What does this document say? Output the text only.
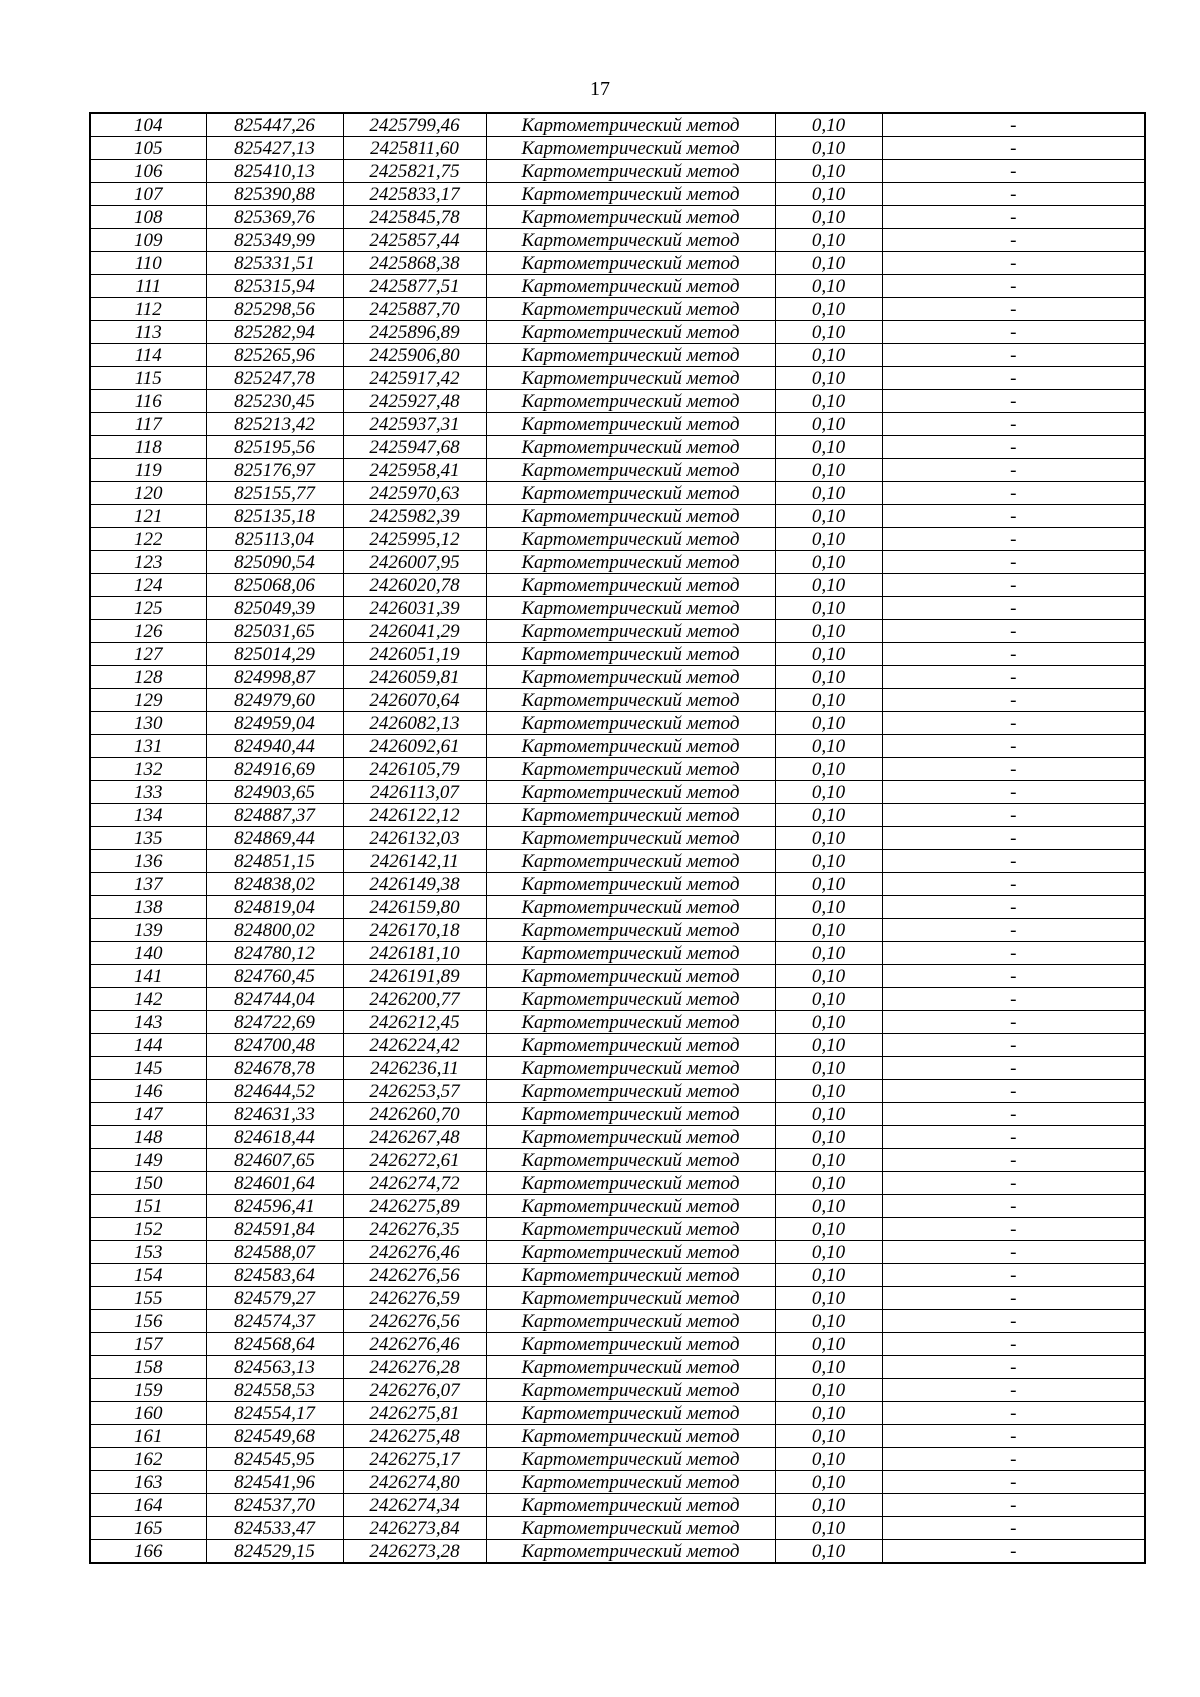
17
104	825447,26	2425799,46	Картометрический метод	0,10	-
105	825427,13	2425811,60	Картометрический метод	0,10	-
106	825410,13	2425821,75	Картометрический метод	0,10	-
107	825390,88	2425833,17	Картометрический метод	0,10	-
108	825369,76	2425845,78	Картометрический метод	0,10	-
109	825349,99	2425857,44	Картометрический метод	0,10	-
110	825331,51	2425868,38	Картометрический метод	0,10	-
111	825315,94	2425877,51	Картометрический метод	0,10	-
112	825298,56	2425887,70	Картометрический метод	0,10	-
113	825282,94	2425896,89	Картометрический метод	0,10	-
114	825265,96	2425906,80	Картометрический метод	0,10	-
115	825247,78	2425917,42	Картометрический метод	0,10	-
116	825230,45	2425927,48	Картометрический метод	0,10	-
117	825213,42	2425937,31	Картометрический метод	0,10	-
118	825195,56	2425947,68	Картометрический метод	0,10	-
119	825176,97	2425958,41	Картометрический метод	0,10	-
120	825155,77	2425970,63	Картометрический метод	0,10	-
121	825135,18	2425982,39	Картометрический метод	0,10	-
122	825113,04	2425995,12	Картометрический метод	0,10	-
123	825090,54	2426007,95	Картометрический метод	0,10	-
124	825068,06	2426020,78	Картометрический метод	0,10	-
125	825049,39	2426031,39	Картометрический метод	0,10	-
126	825031,65	2426041,29	Картометрический метод	0,10	-
127	825014,29	2426051,19	Картометрический метод	0,10	-
128	824998,87	2426059,81	Картометрический метод	0,10	-
129	824979,60	2426070,64	Картометрический метод	0,10	-
130	824959,04	2426082,13	Картометрический метод	0,10	-
131	824940,44	2426092,61	Картометрический метод	0,10	-
132	824916,69	2426105,79	Картометрический метод	0,10	-
133	824903,65	2426113,07	Картометрический метод	0,10	-
134	824887,37	2426122,12	Картометрический метод	0,10	-
135	824869,44	2426132,03	Картометрический метод	0,10	-
136	824851,15	2426142,11	Картометрический метод	0,10	-
137	824838,02	2426149,38	Картометрический метод	0,10	-
138	824819,04	2426159,80	Картометрический метод	0,10	-
139	824800,02	2426170,18	Картометрический метод	0,10	-
140	824780,12	2426181,10	Картометрический метод	0,10	-
141	824760,45	2426191,89	Картометрический метод	0,10	-
142	824744,04	2426200,77	Картометрический метод	0,10	-
143	824722,69	2426212,45	Картометрический метод	0,10	-
144	824700,48	2426224,42	Картометрический метод	0,10	-
145	824678,78	2426236,11	Картометрический метод	0,10	-
146	824644,52	2426253,57	Картометрический метод	0,10	-
147	824631,33	2426260,70	Картометрический метод	0,10	-
148	824618,44	2426267,48	Картометрический метод	0,10	-
149	824607,65	2426272,61	Картометрический метод	0,10	-
150	824601,64	2426274,72	Картометрический метод	0,10	-
151	824596,41	2426275,89	Картометрический метод	0,10	-
152	824591,84	2426276,35	Картометрический метод	0,10	-
153	824588,07	2426276,46	Картометрический метод	0,10	-
154	824583,64	2426276,56	Картометрический метод	0,10	-
155	824579,27	2426276,59	Картометрический метод	0,10	-
156	824574,37	2426276,56	Картометрический метод	0,10	-
157	824568,64	2426276,46	Картометрический метод	0,10	-
158	824563,13	2426276,28	Картометрический метод	0,10	-
159	824558,53	2426276,07	Картометрический метод	0,10	-
160	824554,17	2426275,81	Картометрический метод	0,10	-
161	824549,68	2426275,48	Картометрический метод	0,10	-
162	824545,95	2426275,17	Картометрический метод	0,10	-
163	824541,96	2426274,80	Картометрический метод	0,10	-
164	824537,70	2426274,34	Картометрический метод	0,10	-
165	824533,47	2426273,84	Картометрический метод	0,10	-
166	824529,15	2426273,28	Картометрический метод	0,10	-
